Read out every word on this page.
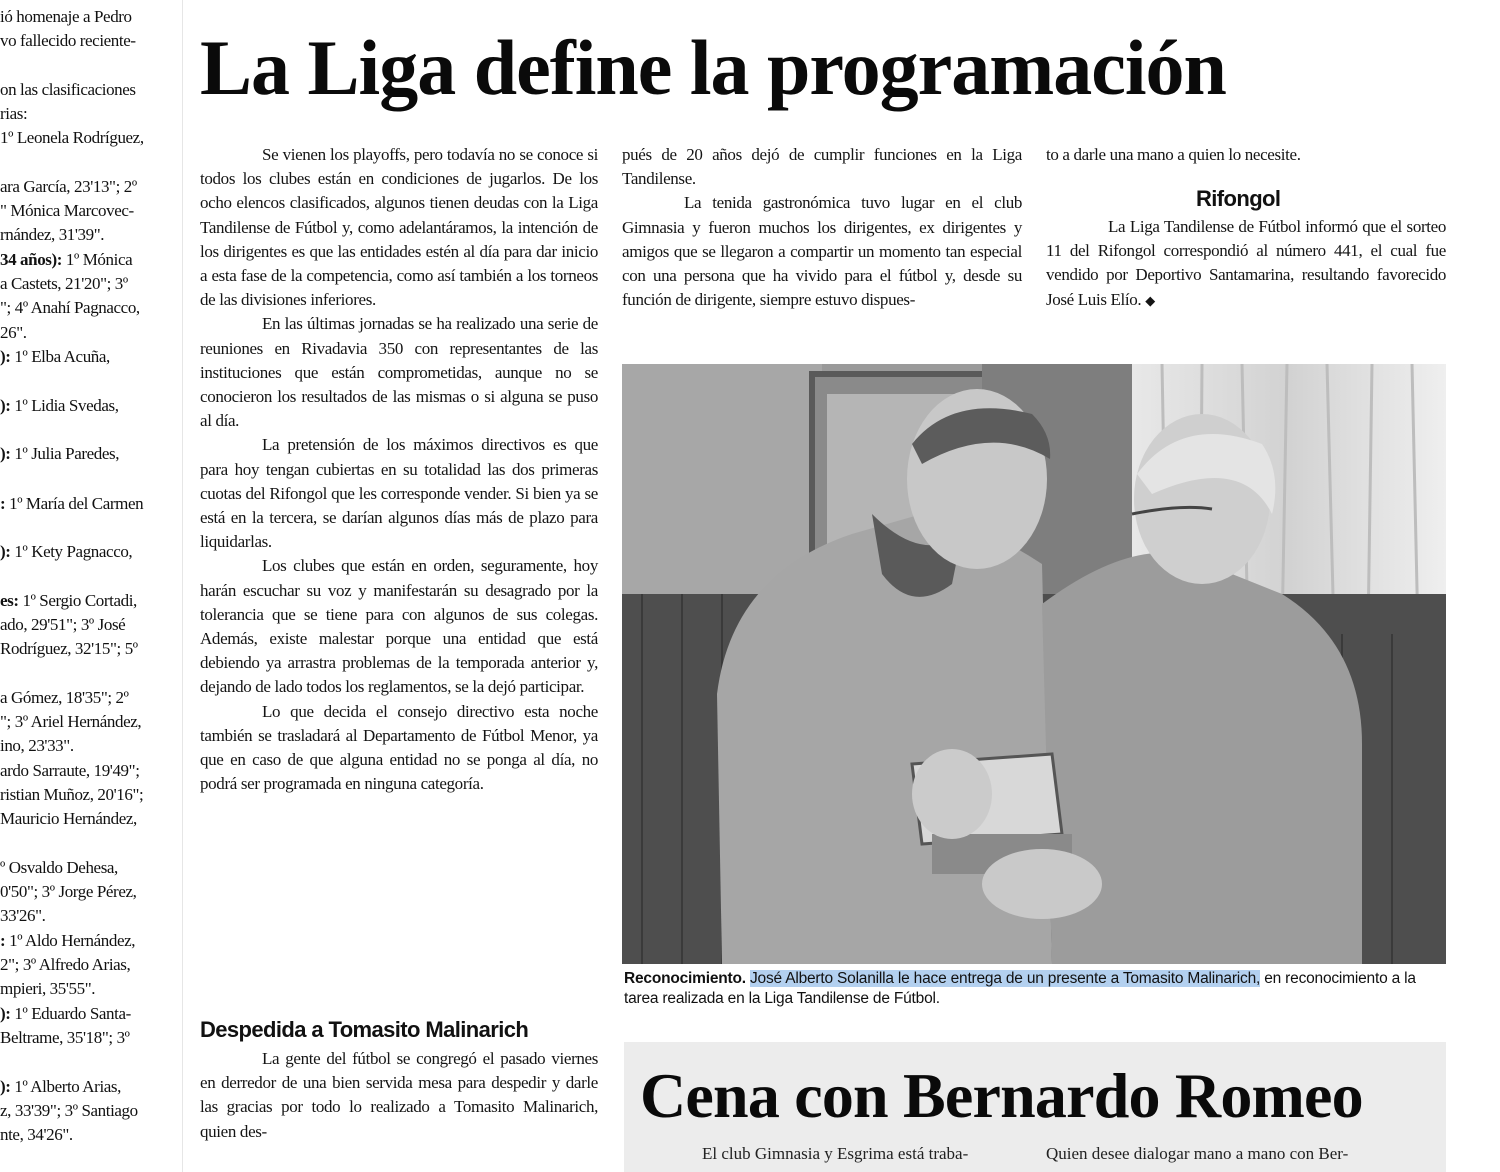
ió homenaje a Pedro
vo fallecido reciente-
on las clasificaciones
rias:
1º Leonela Rodríguez,
ara García, 23'13"; 2º
" Mónica Marcovec-
rnández, 31'39".
34 años): 1º Mónica
a Castets, 21'20"; 3º
"; 4º Anahí Pagnacco,
26".
): 1º Elba Acuña,
): 1º Lidia Svedas,
): 1º Julia Paredes,
: 1º María del Carmen
): 1º Kety Pagnacco,
es: 1º Sergio Cortadi,
ado, 29'51"; 3º José
Rodríguez, 32'15"; 5º
a Gómez, 18'35"; 2º
"; 3º Ariel Hernández,
ino, 23'33".
ardo Sarraute, 19'49";
ristian Muñoz, 20'16";
Mauricio Hernández,
º Osvaldo Dehesa,
0'50"; 3º Jorge Pérez,
33'26".
: 1º Aldo Hernández,
2"; 3º Alfredo Arias,
mpieri, 35'55".
): 1º Eduardo Santa-
Beltrame, 35'18"; 3º
): 1º Alberto Arias,
z, 33'39"; 3º Santiago
nte, 34'26".
La Liga define la programación

Se vienen los playoffs, pero todavía no se conoce si todos los clubes están en condiciones de jugarlos. De los ocho elencos clasificados, algunos tienen deudas con la Liga Tandilense de Fútbol y, como adelantáramos, la intención de los dirigentes es que las entidades estén al día para dar inicio a esta fase de la competencia, como así también a los torneos de las divisiones inferiores.

En las últimas jornadas se ha realizado una serie de reuniones en Rivadavia 350 con representantes de las instituciones que están comprometidas, aunque no se conocieron los resultados de las mismas o si alguna se puso al día.

La pretensión de los máximos directivos es que para hoy tengan cubiertas en su totalidad las dos primeras cuotas del Rifongol que les corresponde vender. Si bien ya se está en la tercera, se darían algunos días más de plazo para liquidarlas.

Los clubes que están en orden, seguramente, hoy harán escuchar su voz y manifestarán su desagrado por la tolerancia que se tiene para con algunos de sus colegas. Además, existe malestar porque una entidad que está debiendo ya arrastra problemas de la temporada anterior y, dejando de lado todos los reglamentos, se la dejó participar.

Lo que decida el consejo directivo esta noche también se trasladará al Departamento de Fútbol Menor, ya que en caso de que alguna entidad no se ponga al día, no podrá ser programada en ninguna categoría.

Despedida a Tomasito Malinarich

La gente del fútbol se congregó el pasado viernes en derredor de una bien servida mesa para despedir y darle las gracias por todo lo realizado a Tomasito Malinarich, quien des-

pués de 20 años dejó de cumplir funciones en la Liga Tandilense.

La tenida gastronómica tuvo lugar en el club Gimnasia y fueron muchos los dirigentes, ex dirigentes y amigos que se llegaron a compartir un momento tan especial con una persona que ha vivido para el fútbol y, desde su función de dirigente, siempre estuvo dispues-

to a darle una mano a quien lo necesite.

Rifongol

La Liga Tandilense de Fútbol informó que el sorteo 11 del Rifongol correspondió al número 441, el cual fue vendido por Deportivo Santamarina, resultando favorecido José Luis Elío. ◆

Reconocimiento. José Alberto Solanilla le hace entrega de un presente a Tomasito Malinarich, en reconocimiento a la tarea realizada en la Liga Tandilense de Fútbol.
Cena con Bernardo Romeo
El club Gimnasia y Esgrima está traba-	Quien desee dialogar mano a mano con Ber-
